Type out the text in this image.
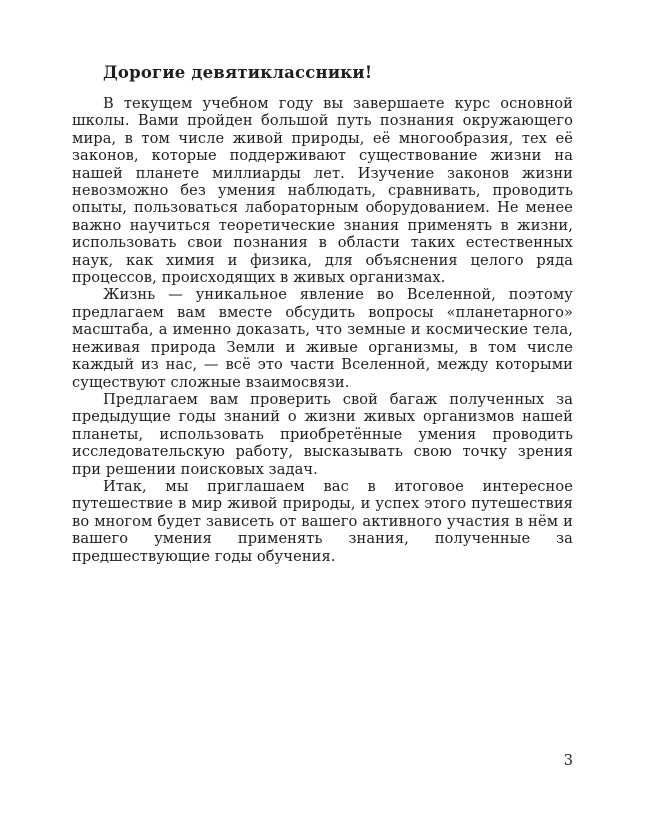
Дорогие девятиклассники!

В текущем учебном году вы завершаете курс основной школы. Вами пройден большой путь познания окружающего мира, в том числе живой природы, её многообразия, тех её законов, которые поддерживают существование жизни на нашей планете миллиарды лет. Изучение законов жизни невозможно без умения наблюдать, сравнивать, проводить опыты, пользоваться лабораторным оборудованием. Не менее важно научиться теоретические знания применять в жизни, использовать свои познания в области таких естественных наук, как химия и физика, для объяснения целого ряда процессов, происходящих в живых организмах.

Жизнь — уникальное явление во Вселенной, поэтому предлагаем вам вместе обсудить вопросы «планетарного» масштаба, а именно доказать, что земные и космические тела, неживая природа Земли и живые организмы, в том числе каждый из нас, — всё это части Вселенной, между которыми существуют сложные взаимосвязи.

Предлагаем вам проверить свой багаж полученных за предыдущие годы знаний о жизни живых организмов нашей планеты, использовать приобретённые умения проводить исследовательскую работу, высказывать свою точку зрения при решении поисковых задач.

Итак, мы приглашаем вас в итоговое интересное путешествие в мир живой природы, и успех этого путешествия во многом будет зависеть от вашего активного участия в нём и вашего умения применять знания, полученные за предшествующие годы обучения.

3
